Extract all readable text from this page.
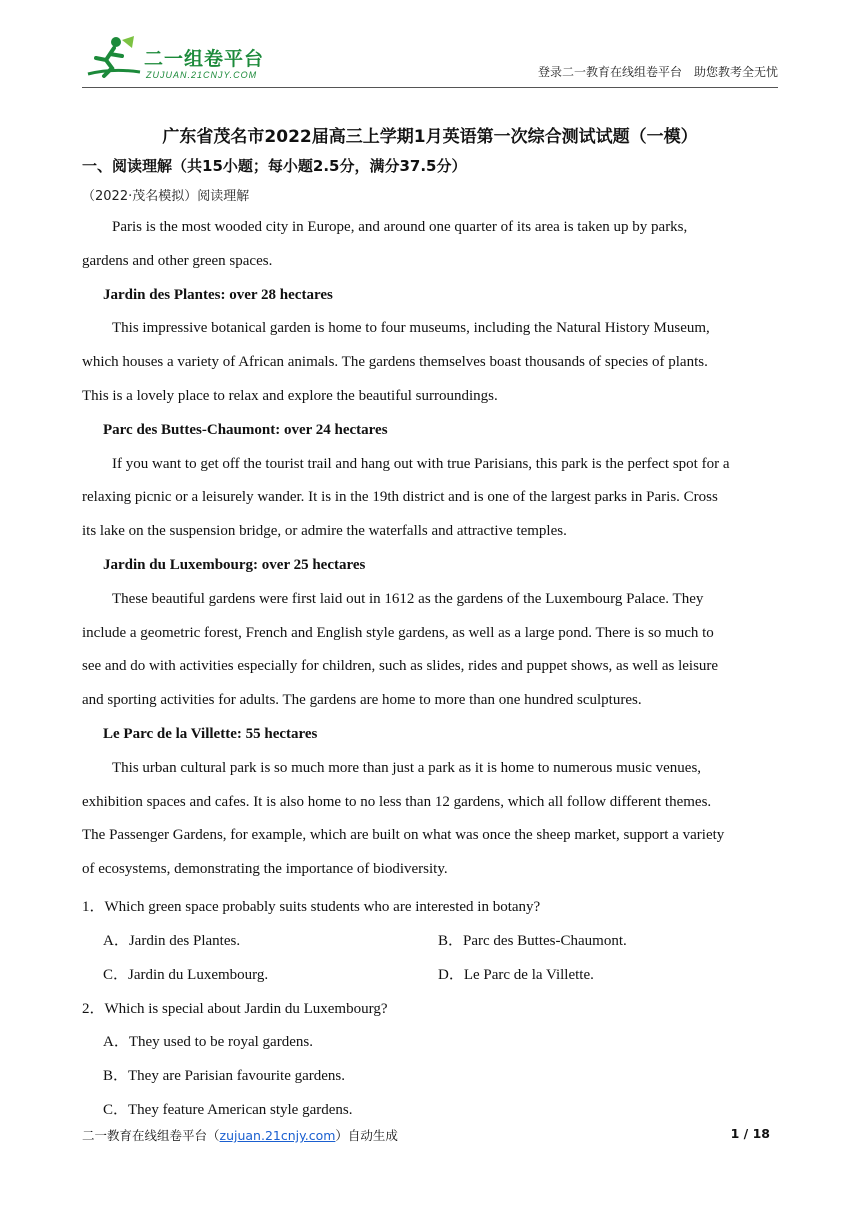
二一组卷平台
ZUJUAN.21CNJY.COM	登录二一教育在线组卷平台　助您教考全无忧
广东省茂名市2022届高三上学期1月英语第一次综合测试试题（一模）
一、阅读理解（共15小题；每小题2.5分，满分37.5分）
（2022·茂名模拟）阅读理解
Paris is the most wooded city in Europe, and around one quarter of its area is taken up by parks,
gardens and other green spaces.
Jardin des Plantes: over 28 hectares
This impressive botanical garden is home to four museums, including the Natural History Museum,
which houses a variety of African animals. The gardens themselves boast thousands of species of plants.
This is a lovely place to relax and explore the beautiful surroundings.
Parc des Buttes-Chaumont: over 24 hectares
If you want to get off the tourist trail and hang out with true Parisians, this park is the perfect spot for a
relaxing picnic or a leisurely wander. It is in the 19th district and is one of the largest parks in Paris. Cross
its lake on the suspension bridge, or admire the waterfalls and attractive temples.
Jardin du Luxembourg: over 25 hectares
These beautiful gardens were first laid out in 1612 as the gardens of the Luxembourg Palace. They
include a geometric forest, French and English style gardens, as well as a large pond. There is so much to
see and do with activities especially for children, such as slides, rides and puppet shows, as well as leisure
and sporting activities for adults. The gardens are home to more than one hundred sculptures.
Le Parc de la Villette: 55 hectares
This urban cultural park is so much more than just a park as it is home to numerous music venues,
exhibition spaces and cafes. It is also home to no less than 12 gardens, which all follow different themes.
The Passenger Gardens, for example, which are built on what was once the sheep market, support a variety
of ecosystems, demonstrating the importance of biodiversity.
1．Which green space probably suits students who are interested in botany?
A．Jardin des Plantes.	B．Parc des Buttes-Chaumont.
C．Jardin du Luxembourg.	D．Le Parc de la Villette.
2．Which is special about Jardin du Luxembourg?
A．They used to be royal gardens.
B．They are Parisian favourite gardens.
C．They feature American style gardens.
二一教育在线组卷平台（zujuan.21cnjy.com）自动生成	1 / 18
